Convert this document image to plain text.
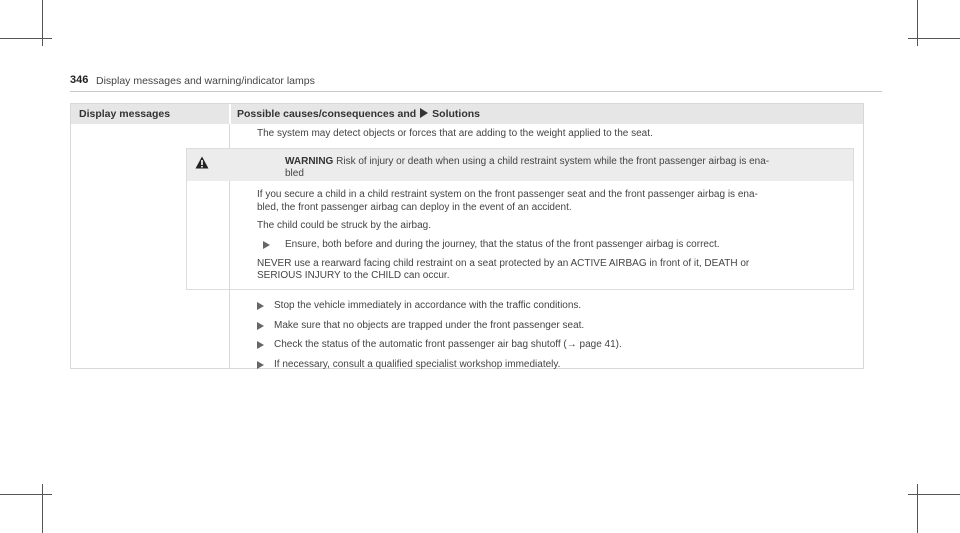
346 Display messages and warning/indicator lamps
Display messages	Possible causes/consequences and Solutions
The system may detect objects or forces that are adding to the weight applied to the seat.
WARNING Risk of injury or death when using a child restraint system while the front passenger airbag is ena-
bled
If you secure a child in a child restraint system on the front passenger seat and the front passenger airbag is ena-
bled, the front passenger airbag can deploy in the event of an accident.
The child could be struck by the airbag.
Ensure, both before and during the journey, that the status of the front passenger airbag is correct.
NEVER use a rearward facing child restraint on a seat protected by an ACTIVE AIRBAG in front of it, DEATH or
SERIOUS INJURY to the CHILD can occur.
Stop the vehicle immediately in accordance with the traffic conditions.
Make sure that no objects are trapped under the front passenger seat.
Check the status of the automatic front passenger air bag shutoff (→ page 41).
If necessary, consult a qualified specialist workshop immediately.
